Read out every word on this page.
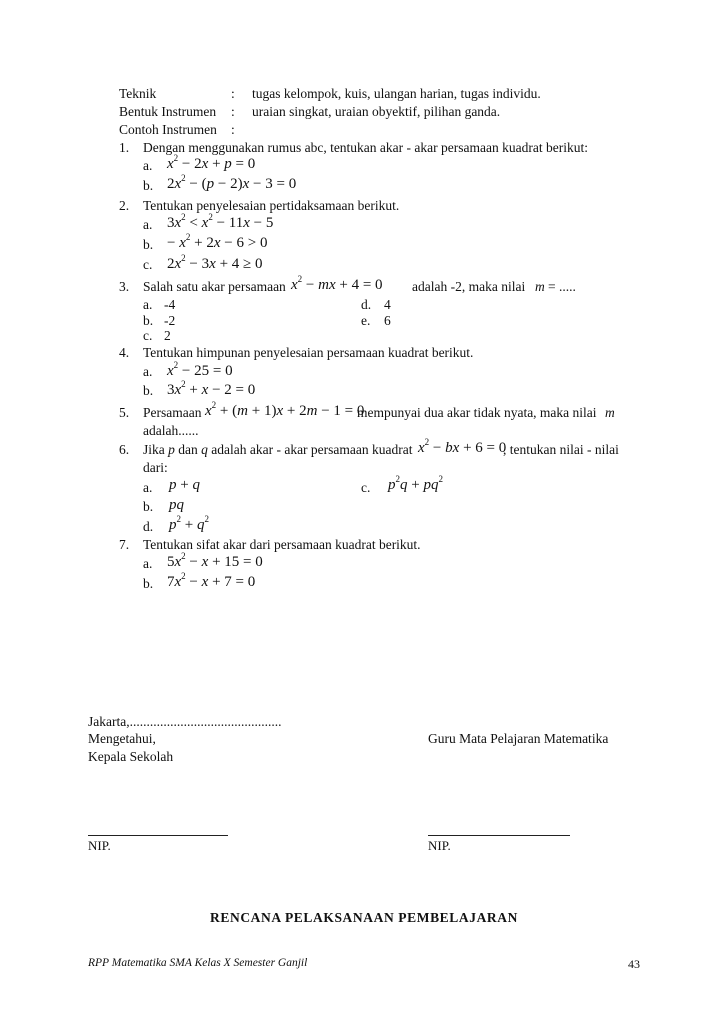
Teknik	: tugas kelompok, kuis, ulangan harian, tugas individu.
Bentuk Instrumen : uraian singkat, uraian obyektif, pilihan ganda.
Contoh Instrumen :
1. Dengan menggunakan rumus abc, tentukan akar - akar persamaan kuadrat berikut:
a. $x^2 - 2x + p = 0$
b. $2x^2 - (p - 2)x - 3 = 0$
2. Tentukan penyelesaian pertidaksamaan berikut.
a. $3x^2 < x^2 - 11x - 5$
b. − $x^2 + 2x - 6 > 0$
c. $2x^2 - 3x + 4 \ge 0$
3. Salah satu akar persamaan $x^2$ − mx + 4 = 0 adalah -2, maka nilai m = .....
a. -4	d. 4
b. -2	e. 6
c. 2
4. Tentukan himpunan penyelesaian persamaan kuadrat berikut.
a. $x^2 - 25 = 0$
b. $3x^2 + x - 2 = 0$
5. Persamaan $x^2 + (m + 1)x + 2m - 1 = 0$
mempunyai dua akar tidak nyata, maka nilai m
adalah......
6. Jika p dan q adalah akar - akar persamaan kuadrat $x^2$ − bx + 6 = 0
, tentukan nilai - nilai
dari:
a. p + q	c. $p^2q + pq^2$
b. pq
d. $p^2 + q^2$
7. Tentukan sifat akar dari persamaan kuadrat berikut.
a. $5x^2 - x + 15 = 0$
b. $7x^2 - x + 7 = 0$
Jakarta,.............................................
Mengetahui,	Guru Mata Pelajaran Matematika
Kepala Sekolah
NIP.	NIP.
RENCANA PELAKSANAAN PEMBELAJARAN
RPP Matematika SMA Kelas X Semester Ganjil	43
